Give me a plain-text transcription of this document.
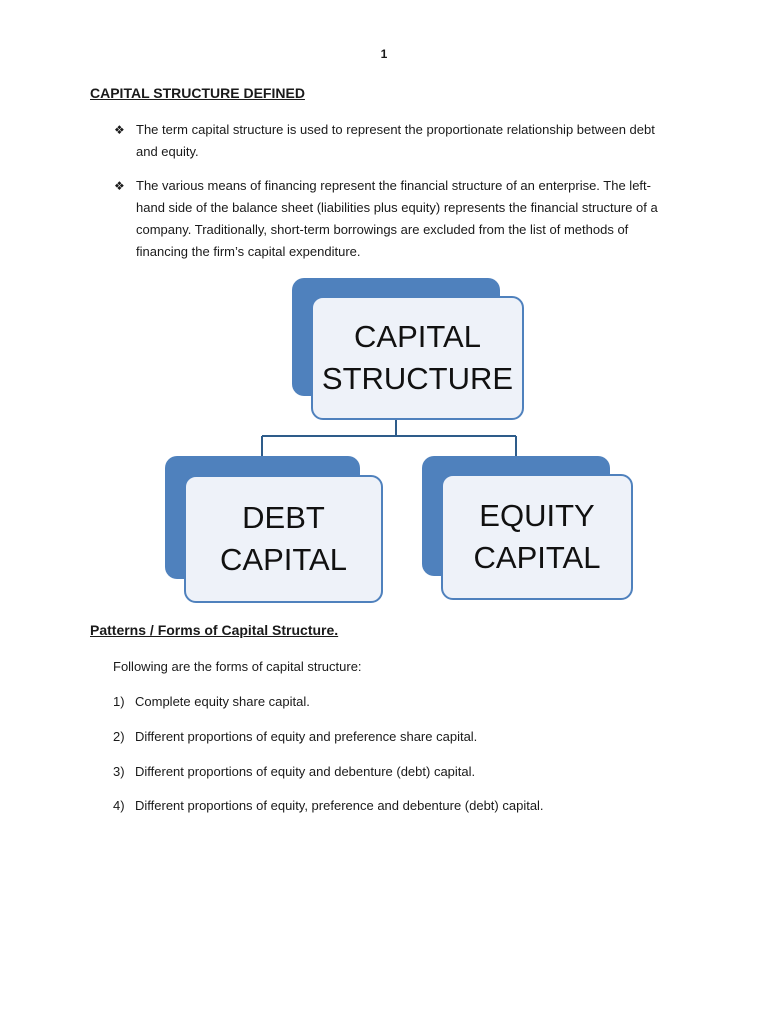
1
CAPITAL STRUCTURE DEFINED
❖ The term capital structure is used to represent the proportionate relationship between debt and equity.
❖ The various means of financing represent the financial structure of an enterprise. The left-hand side of the balance sheet (liabilities plus equity) represents the financial structure of a company. Traditionally, short-term borrowings are excluded from the list of methods of financing the firm’s capital expenditure.
CAPITAL
STRUCTURE
DEBT
CAPITAL
EQUITY
CAPITAL
Patterns / Forms of Capital Structure.
Following are the forms of capital structure:
1) Complete equity share capital.
2) Different proportions of equity and preference share capital.
3) Different proportions of equity and debenture (debt) capital.
4) Different proportions of equity, preference and debenture (debt) capital.
